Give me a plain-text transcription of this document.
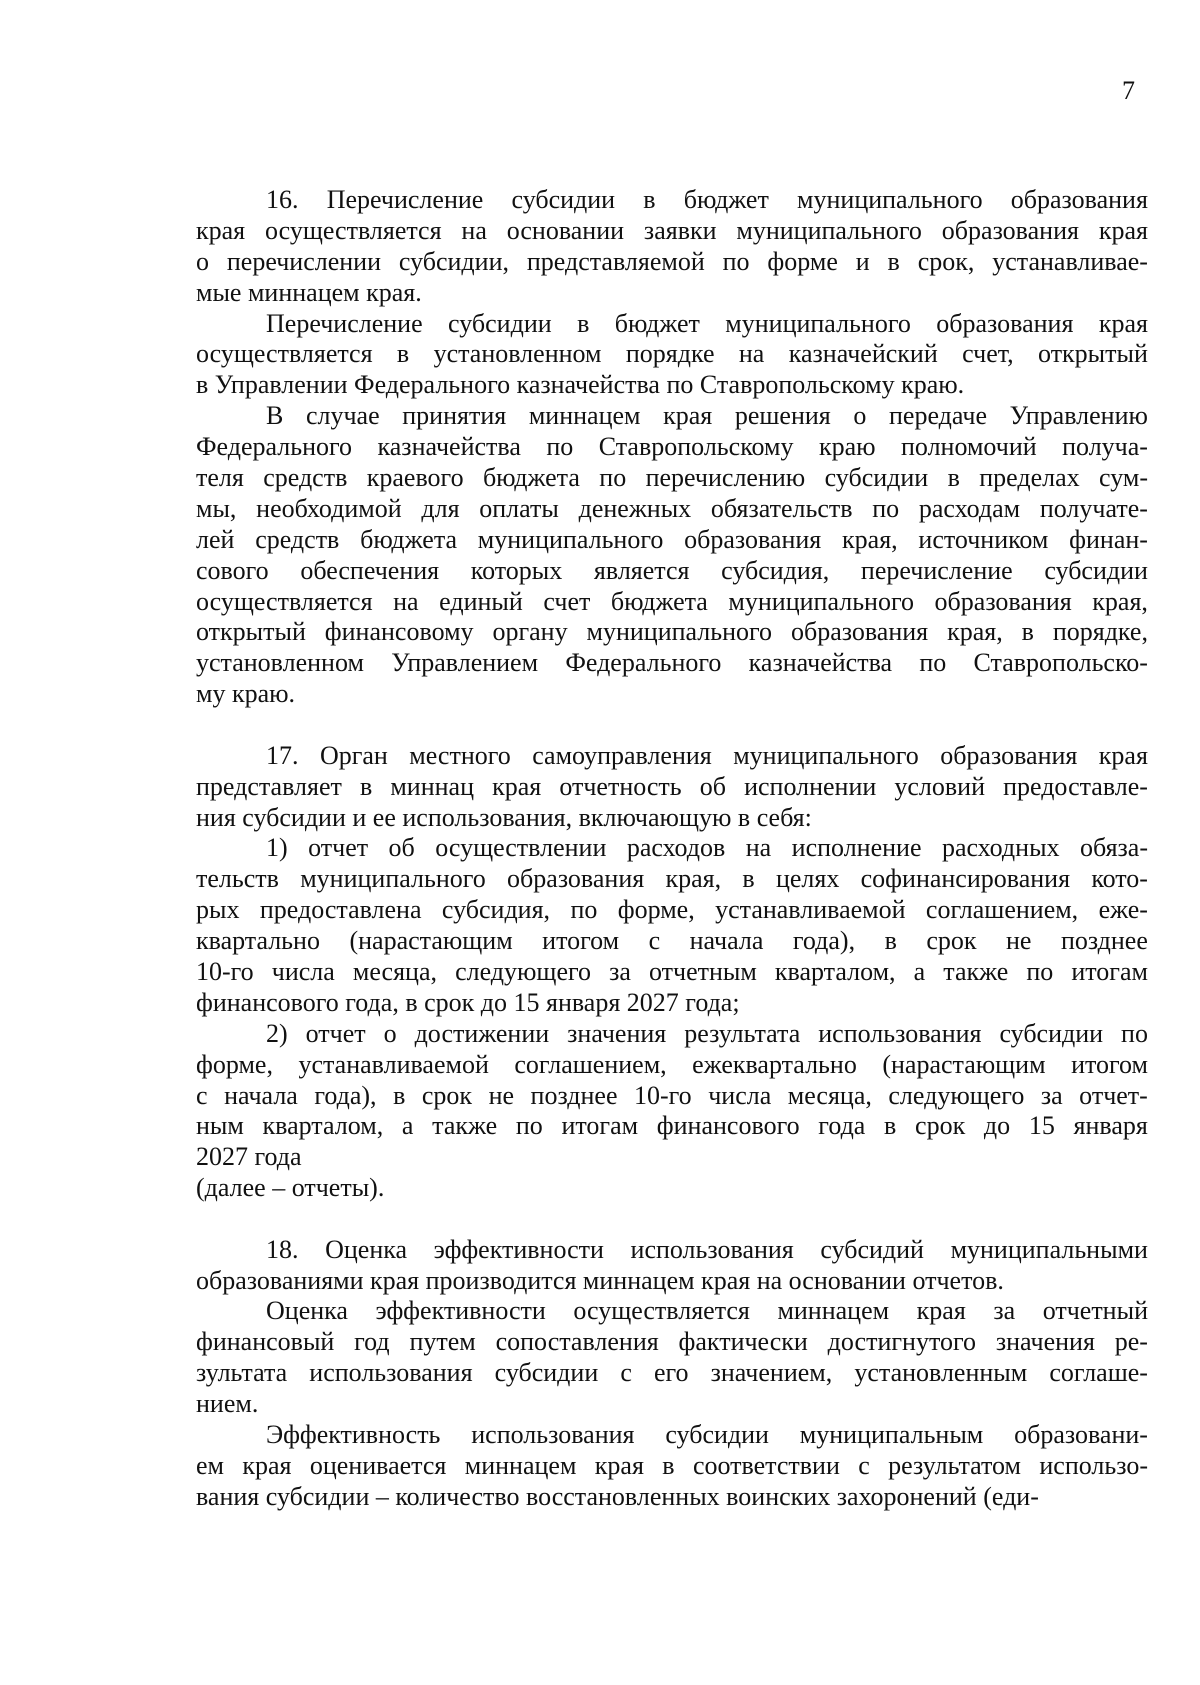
7
16. Перечисление субсидии в бюджет муниципального образования
края осуществляется на основании заявки муниципального образования края
о перечислении субсидии, представляемой по форме и в срок, устанавливае-
мые миннацем края.
Перечисление субсидии в бюджет муниципального образования края
осуществляется в установленном порядке на казначейский счет, открытый
в Управлении Федерального казначейства по Ставропольскому краю.
В случае принятия миннацем края решения о передаче Управлению
Федерального казначейства по Ставропольскому краю полномочий получа-
теля средств краевого бюджета по перечислению субсидии в пределах сум-
мы, необходимой для оплаты денежных обязательств по расходам получате-
лей средств бюджета муниципального образования края, источником финан-
сового обеспечения которых является субсидия, перечисление субсидии
осуществляется на единый счет бюджета муниципального образования края,
открытый финансовому органу муниципального образования края, в порядке,
установленном Управлением Федерального казначейства по Ставропольско-
му краю.
17. Орган местного самоуправления муниципального образования края
представляет в миннац края отчетность об исполнении условий предоставле-
ния субсидии и ее использования, включающую в себя:
1) отчет об осуществлении расходов на исполнение расходных обяза-
тельств муниципального образования края, в целях софинансирования кото-
рых предоставлена субсидия, по форме, устанавливаемой соглашением, еже-
квартально (нарастающим итогом с начала года), в срок не позднее
10-го числа месяца, следующего за отчетным кварталом, а также по итогам
финансового года, в срок до 15 января 2027 года;
2) отчет о достижении значения результата использования субсидии по
форме, устанавливаемой соглашением, ежеквартально (нарастающим итогом
с начала года), в срок не позднее 10-го числа месяца, следующего за отчет-
ным кварталом, а также по итогам финансового года в срок до 15 января
2027 года
(далее – отчеты).
18. Оценка эффективности использования субсидий муниципальными
образованиями края производится миннацем края на основании отчетов.
Оценка эффективности осуществляется миннацем края за отчетный
финансовый год путем сопоставления фактически достигнутого значения ре-
зультата использования субсидии с его значением, установленным соглаше-
нием.
Эффективность использования субсидии муниципальным образовани-
ем края оценивается миннацем края в соответствии с результатом использо-
вания субсидии – количество восстановленных воинских захоронений (еди-
